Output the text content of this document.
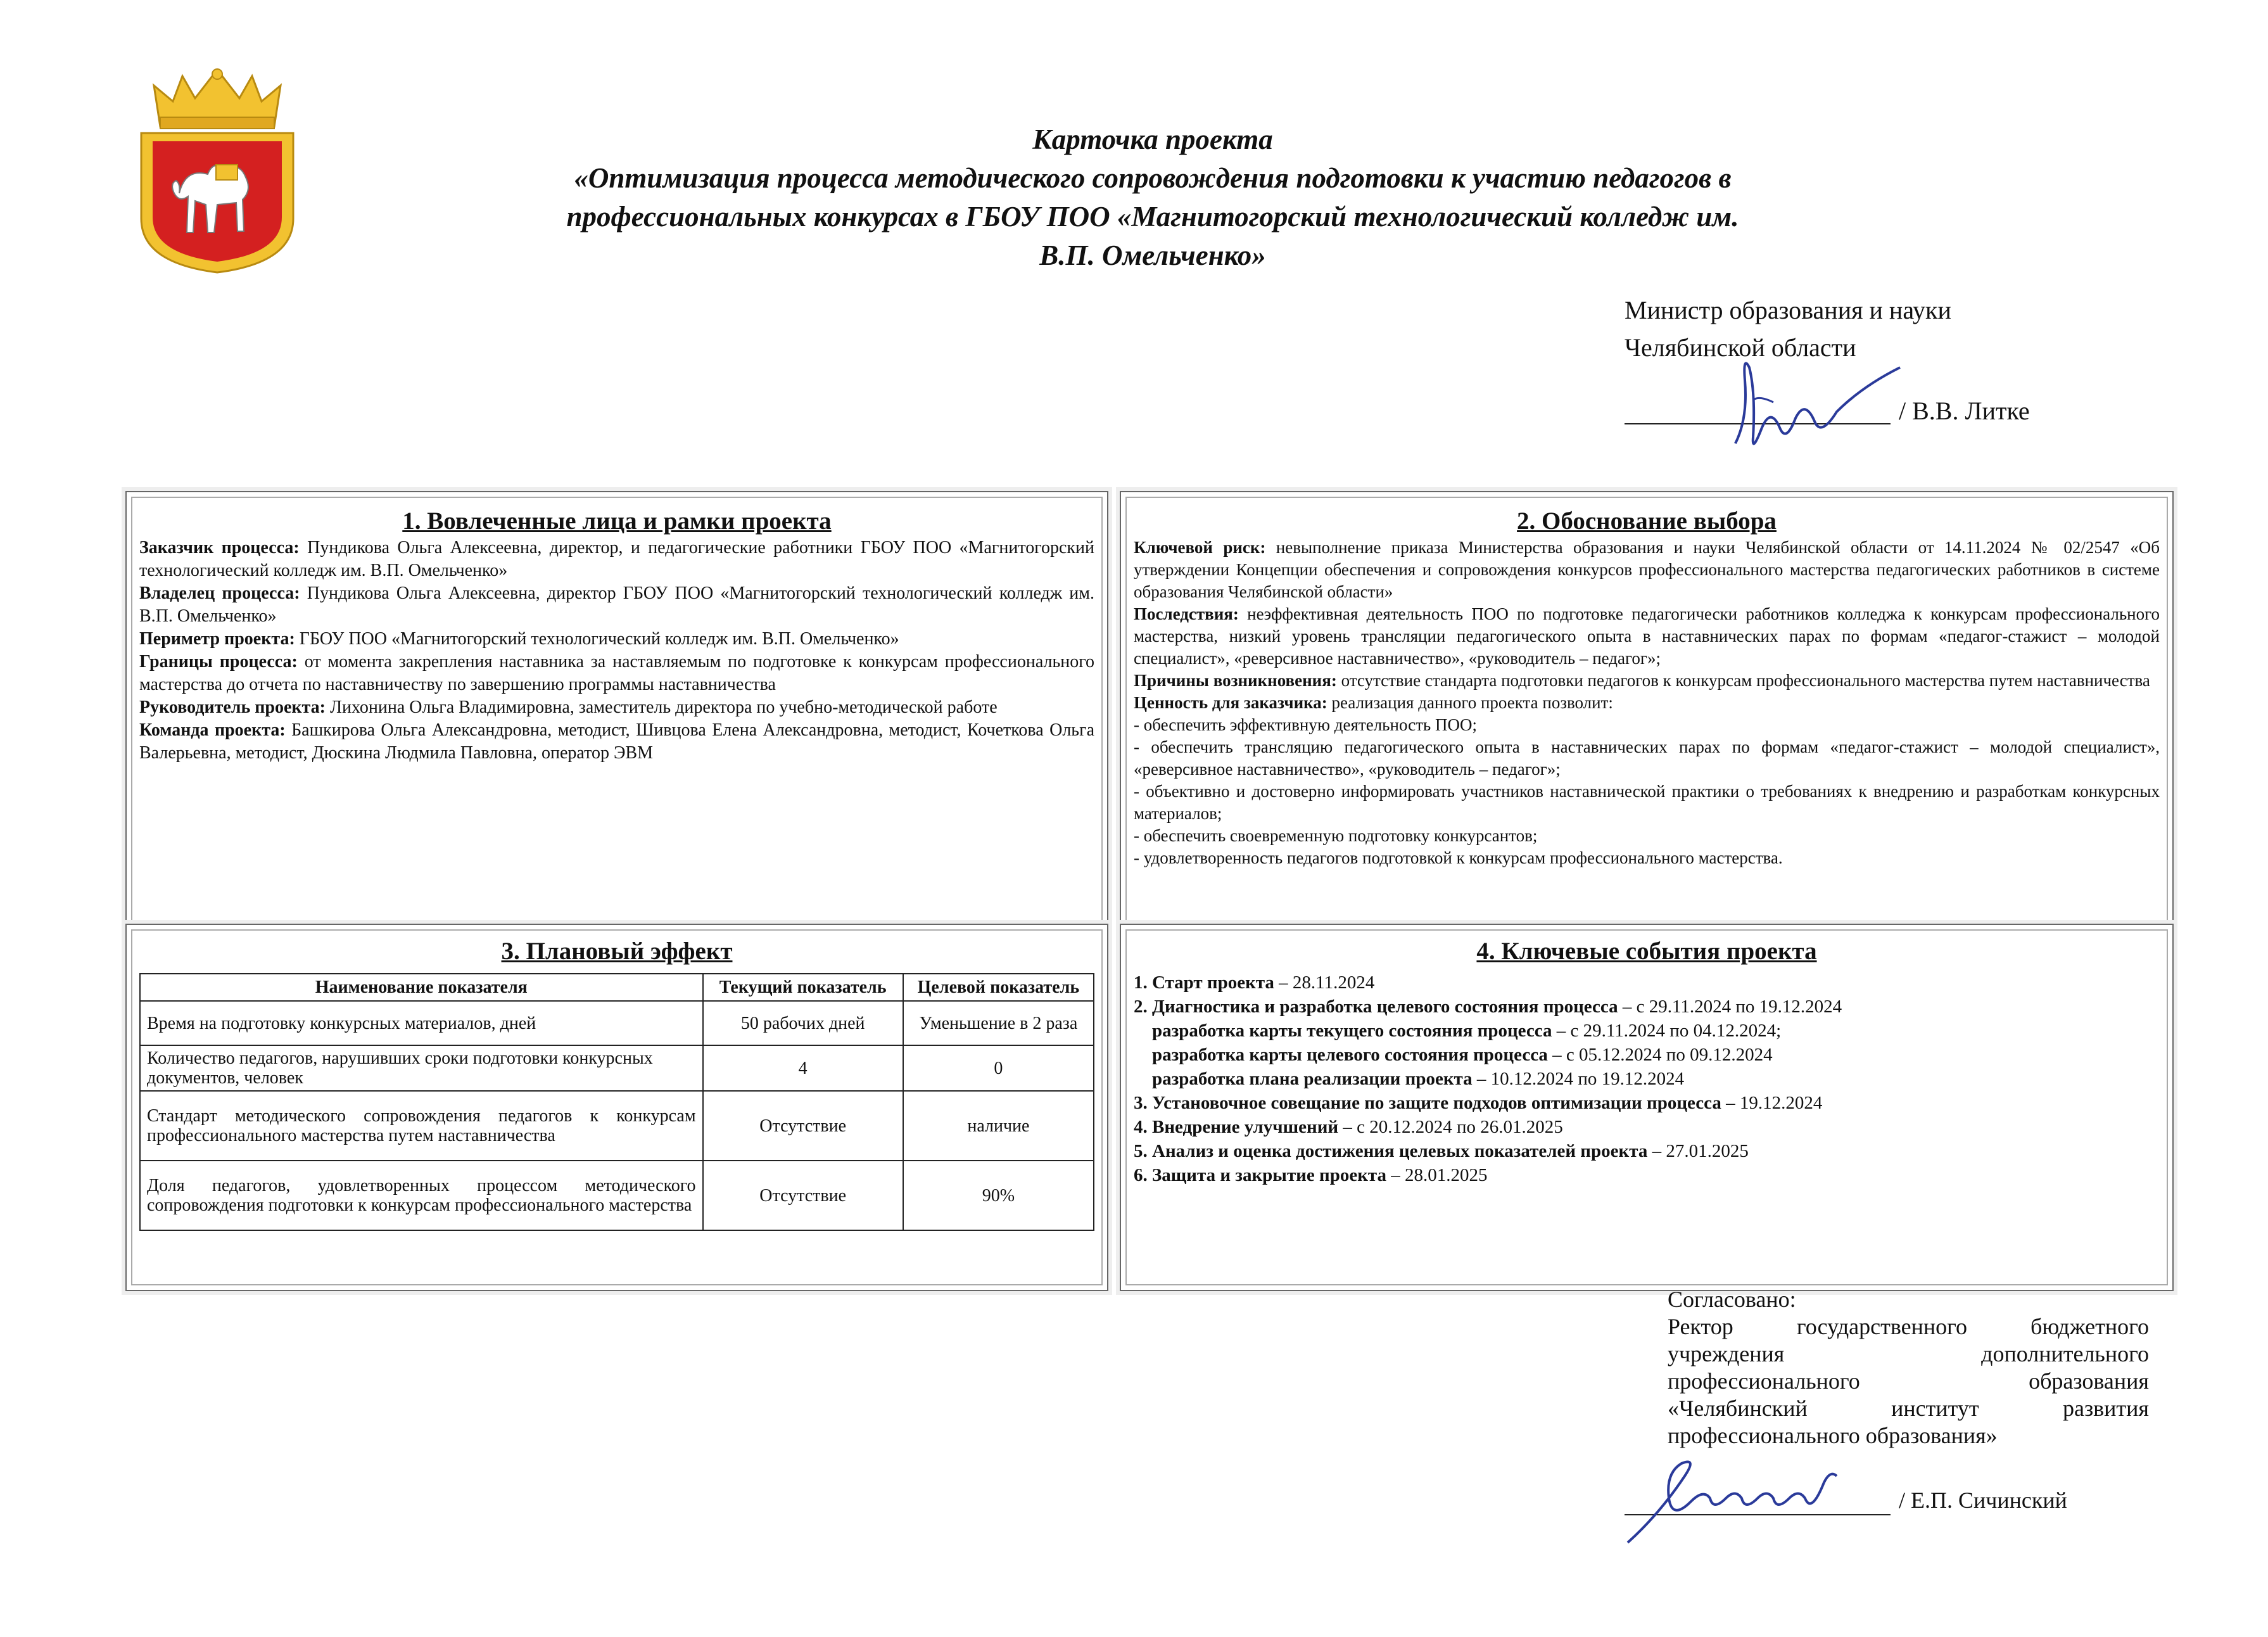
Карточка проекта
«Оптимизация процесса методического сопровождения подготовки к участию педагогов в
профессиональных конкурсах в ГБОУ ПОО «Магнитогорский технологический колледж им.
В.П. Омельченко»
Министр образования и науки
Челябинской области
/ В.В. Литке

1. Вовлеченные лица и рамки проекта

Заказчик процесса: Пундикова Ольга Алексеевна, директор, и педагогические работники ГБОУ ПОО «Магнитогорский технологический колледж им. В.П. Омельченко»

Владелец процесса: Пундикова Ольга Алексеевна, директор ГБОУ ПОО «Магнитогорский технологический колледж им. В.П. Омельченко»

Периметр проекта: ГБОУ ПОО «Магнитогорский технологический колледж им. В.П. Омельченко»

Границы процесса: от момента закрепления наставника за наставляемым по подготовке к конкурсам профессионального мастерства до отчета по наставничеству по завершению программы наставничества

Руководитель проекта: Лихонина Ольга Владимировна, заместитель директора по учебно-методической работе

Команда проекта: Башкирова Ольга Александровна, методист, Шивцова Елена Александровна, методист, Кочеткова Ольга Валерьевна, методист, Дюскина Людмила Павловна, оператор ЭВМ

2. Обоснование выбора

Ключевой риск: невыполнение приказа Министерства образования и науки Челябинской области от 14.11.2024 № 02/2547 «Об утверждении Концепции обеспечения и сопровождения конкурсов профессионального мастерства педагогических работников в системе образования Челябинской области»

Последствия: неэффективная деятельность ПОО по подготовке педагогически работников колледжа к конкурсам профессионального мастерства, низкий уровень трансляции педагогического опыта в наставнических парах по формам «педагог-стажист – молодой специалист», «реверсивное наставничество», «руководитель – педагог»;

Причины возникновения: отсутствие стандарта подготовки педагогов к конкурсам профессионального мастерства путем наставничества

Ценность для заказчика: реализация данного проекта позволит:

- обеспечить эффективную деятельность ПОО;

- обеспечить трансляцию педагогического опыта в наставнических парах по формам «педагог-стажист – молодой специалист», «реверсивное наставничество», «руководитель – педагог»;

- объективно и достоверно информировать участников наставнической практики о требованиях к внедрению и разработкам конкурсных материалов;

- обеспечить своевременную подготовку конкурсантов;

- удовлетворенность педагогов подготовкой к конкурсам профессионального мастерства.

3. Плановый эффект

Наименование показателя	Текущий показатель	Целевой показатель
Время на подготовку конкурсных материалов, дней	50 рабочих дней	Уменьшение в 2 раза
Количество педагогов, нарушивших сроки подготовки конкурсных документов, человек	4	0
Стандарт методического сопровождения педагогов к конкурсам профессионального мастерства путем наставничества	Отсутствие	наличие
Доля педагогов, удовлетворенных процессом методического сопровождения подготовки к конкурсам профессионального мастерства	Отсутствие	90%

4. Ключевые события проекта

1. Старт проекта – 28.11.2024

2. Диагностика и разработка целевого состояния процесса – с 29.11.2024 по 19.12.2024

разработка карты текущего состояния процесса – с 29.11.2024 по 04.12.2024;

разработка карты целевого состояния процесса – с 05.12.2024 по 09.12.2024

разработка плана реализации проекта – 10.12.2024 по 19.12.2024

3. Установочное совещание по защите подходов оптимизации процесса – 19.12.2024

4. Внедрение улучшений – с 20.12.2024 по 26.01.2025

5. Анализ и оценка достижения целевых показателей проекта – 27.01.2025

6. Защита и закрытие проекта – 28.01.2025

Согласовано:
Ректор	государственного	бюджетного
учреждения	дополнительного
профессионального	образования
«Челябинский	институт	развития
профессионального образования»
/ Е.П. Сичинский
